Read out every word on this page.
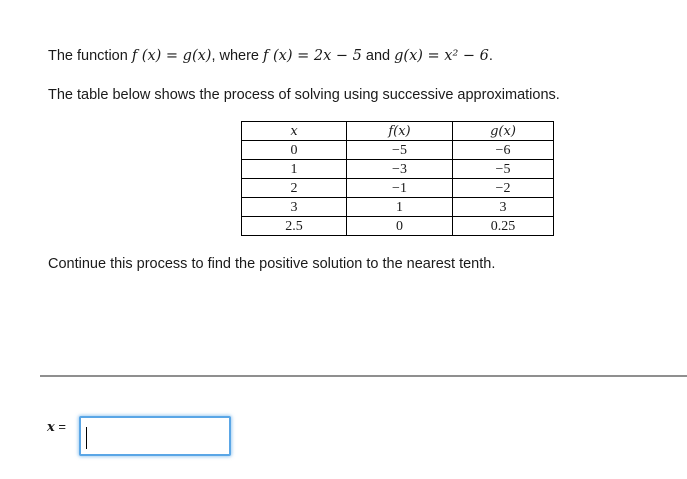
The function f (x) = g(x), where f (x) = 2x − 5 and g(x) = x² − 6.
The table below shows the process of solving using successive approximations.
x	f(x)	g(x)
0	−5	−6
1	−3	−5
2	−1	−2
3	1	3
2.5	0	0.25
Continue this process to find the positive solution to the nearest tenth.
x =
